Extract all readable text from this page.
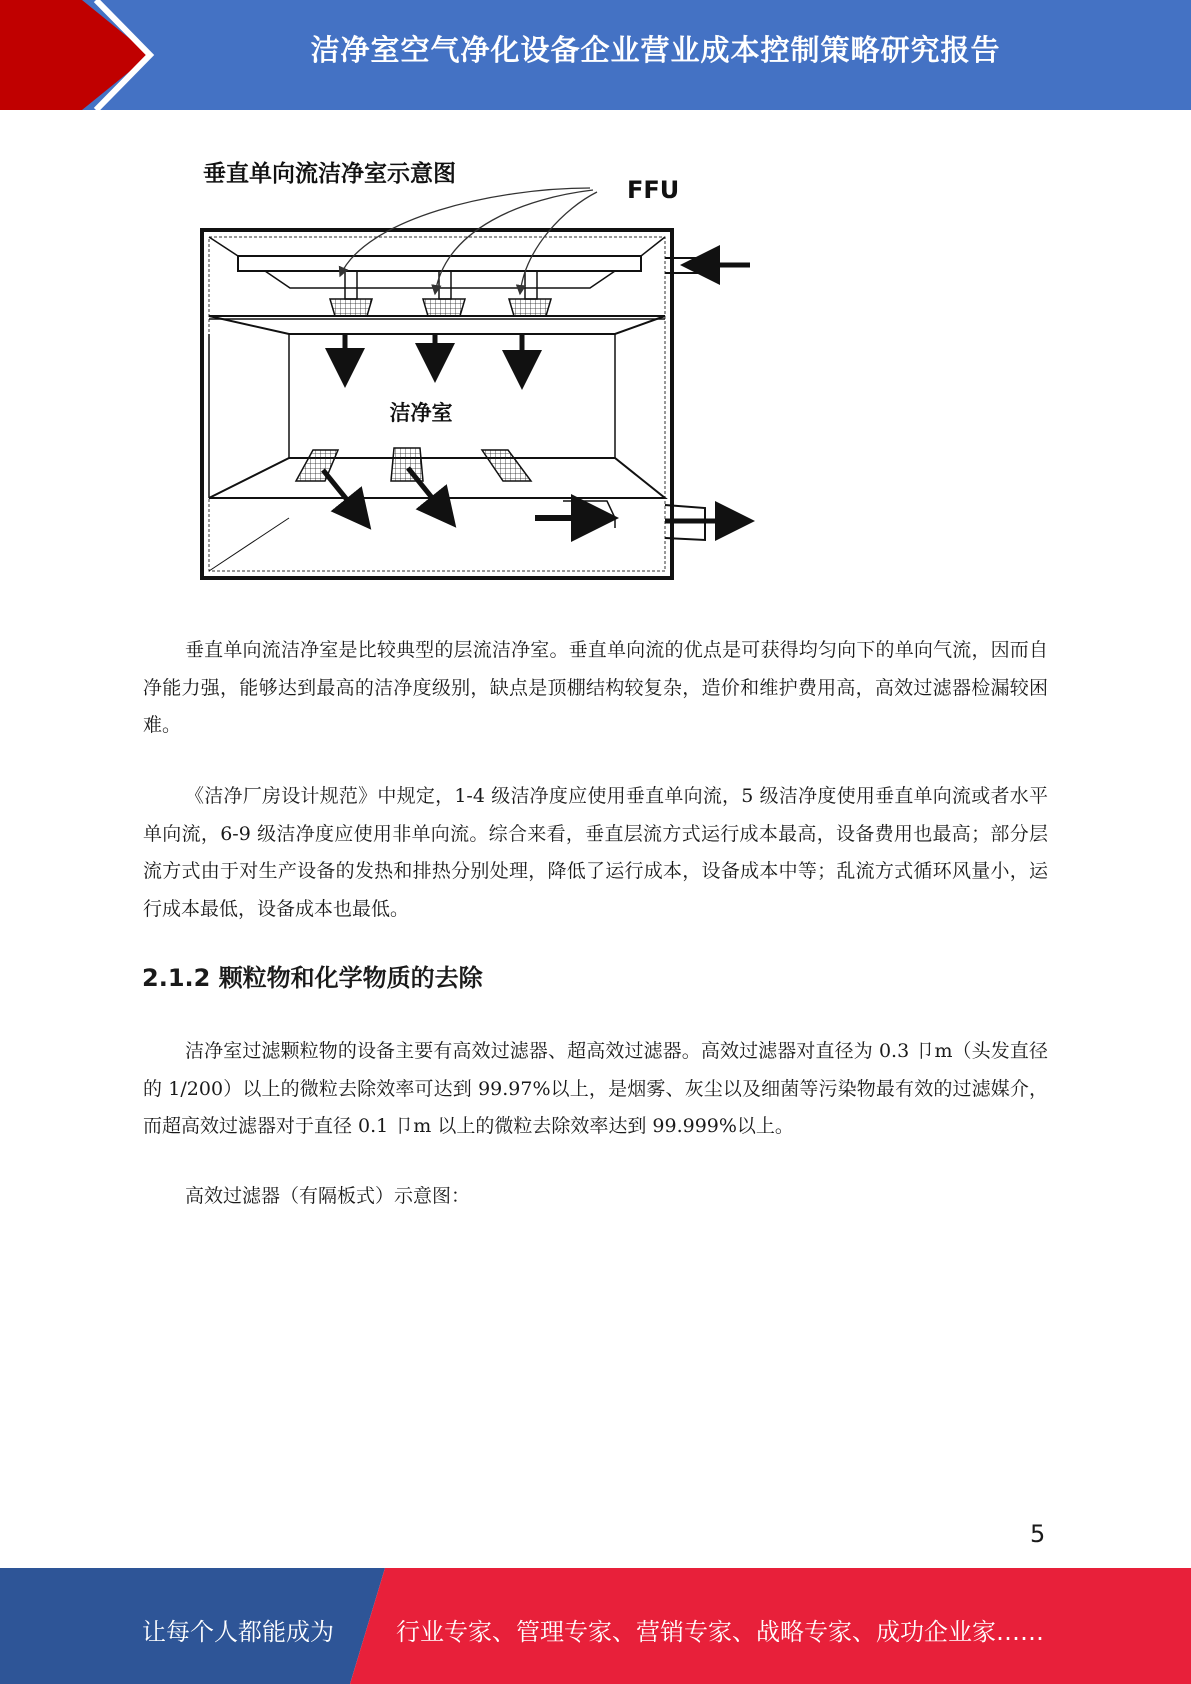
洁净室空气净化设备企业营业成本控制策略研究报告
垂直单向流洁净室示意图
FFU
洁净室

垂直单向流洁净室是比较典型的层流洁净室。垂直单向流的优点是可获得均匀向下的单向气流，因而自净能力强，能够达到最高的洁净度级别，缺点是顶棚结构较复杂，造价和维护费用高，高效过滤器检漏较困难。

《洁净厂房设计规范》中规定，1-4 级洁净度应使用垂直单向流，5 级洁净度使用垂直单向流或者水平单向流，6-9 级洁净度应使用非单向流。综合来看，垂直层流方式运行成本最高，设备费用也最高；部分层流方式由于对生产设备的发热和排热分别处理，降低了运行成本，设备成本中等；乱流方式循环风量小，运行成本最低，设备成本也最低。

2.1.2 颗粒物和化学物质的去除

洁净室过滤颗粒物的设备主要有高效过滤器、超高效过滤器。高效过滤器对直径为 0.3 卩m（头发直径的 1/200）以上的微粒去除效率可达到 99.97%以上，是烟雾、灰尘以及细菌等污染物最有效的过滤媒介，而超高效过滤器对于直径 0.1 卩m 以上的微粒去除效率达到 99.999%以上。

高效过滤器（有隔板式）示意图：

5
让每个人都能成为	行业专家、管理专家、营销专家、战略专家、成功企业家……
